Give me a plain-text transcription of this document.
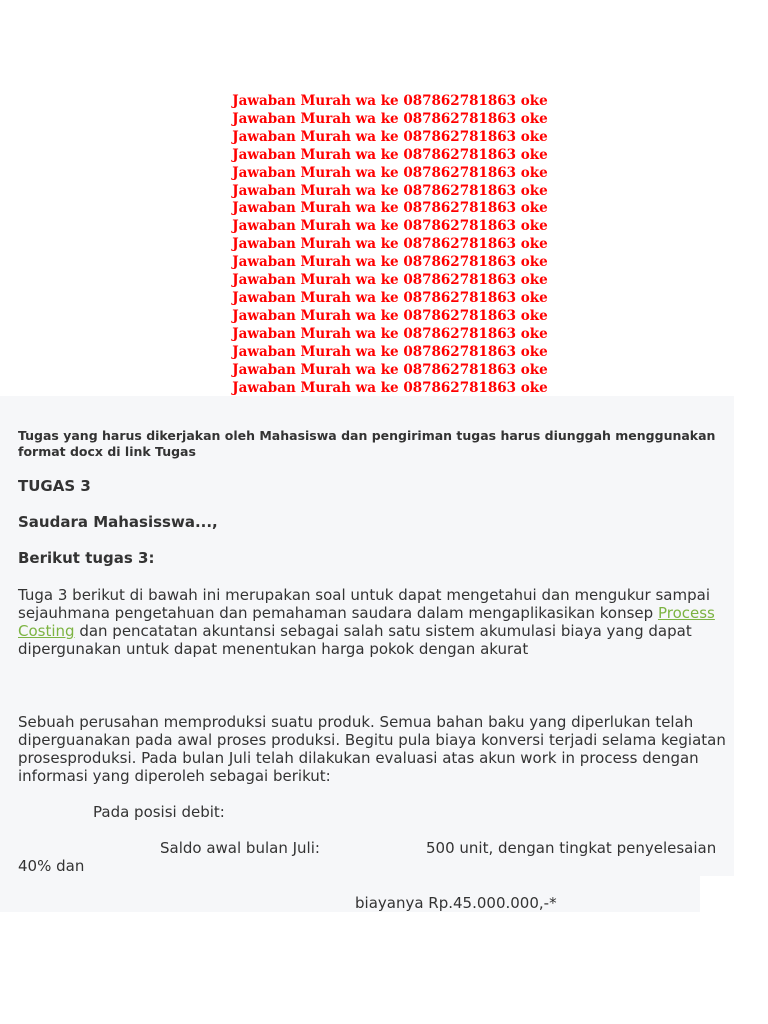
Jawaban Murah wa ke 087862781863 oke
Jawaban Murah wa ke 087862781863 oke
Jawaban Murah wa ke 087862781863 oke
Jawaban Murah wa ke 087862781863 oke
Jawaban Murah wa ke 087862781863 oke
Jawaban Murah wa ke 087862781863 oke
Jawaban Murah wa ke 087862781863 oke
Jawaban Murah wa ke 087862781863 oke
Jawaban Murah wa ke 087862781863 oke
Jawaban Murah wa ke 087862781863 oke
Jawaban Murah wa ke 087862781863 oke
Jawaban Murah wa ke 087862781863 oke
Jawaban Murah wa ke 087862781863 oke
Jawaban Murah wa ke 087862781863 oke
Jawaban Murah wa ke 087862781863 oke
Jawaban Murah wa ke 087862781863 oke
Jawaban Murah wa ke 087862781863 oke

Tugas yang harus dikerjakan oleh Mahasiswa dan pengiriman tugas harus diunggah menggunakan format docx di link Tugas

TUGAS 3

Saudara Mahasisswa...,

Berikut tugas 3:

Tuga 3 berikut di bawah ini merupakan soal untuk dapat mengetahui dan mengukur sampai sejauhmana pengetahuan dan pemahaman saudara dalam mengaplikasikan konsep Process Costing dan pencatatan akuntansi sebagai salah satu sistem akumulasi biaya yang dapat dipergunakan untuk dapat menentukan harga pokok dengan akurat

Sebuah perusahan memproduksi suatu produk. Semua bahan baku yang diperlukan telah diperguanakan pada awal proses produksi. Begitu pula biaya konversi terjadi selama kegiatan prosesproduksi. Pada bulan Juli telah dilakukan evaluasi atas akun work in process dengan informasi yang diperoleh sebagai berikut:

Pada posisi debit:

Saldo awal bulan Juli:	500 unit, dengan tingkat penyelesaian

40% dan

biayanya Rp.45.000.000,-*
